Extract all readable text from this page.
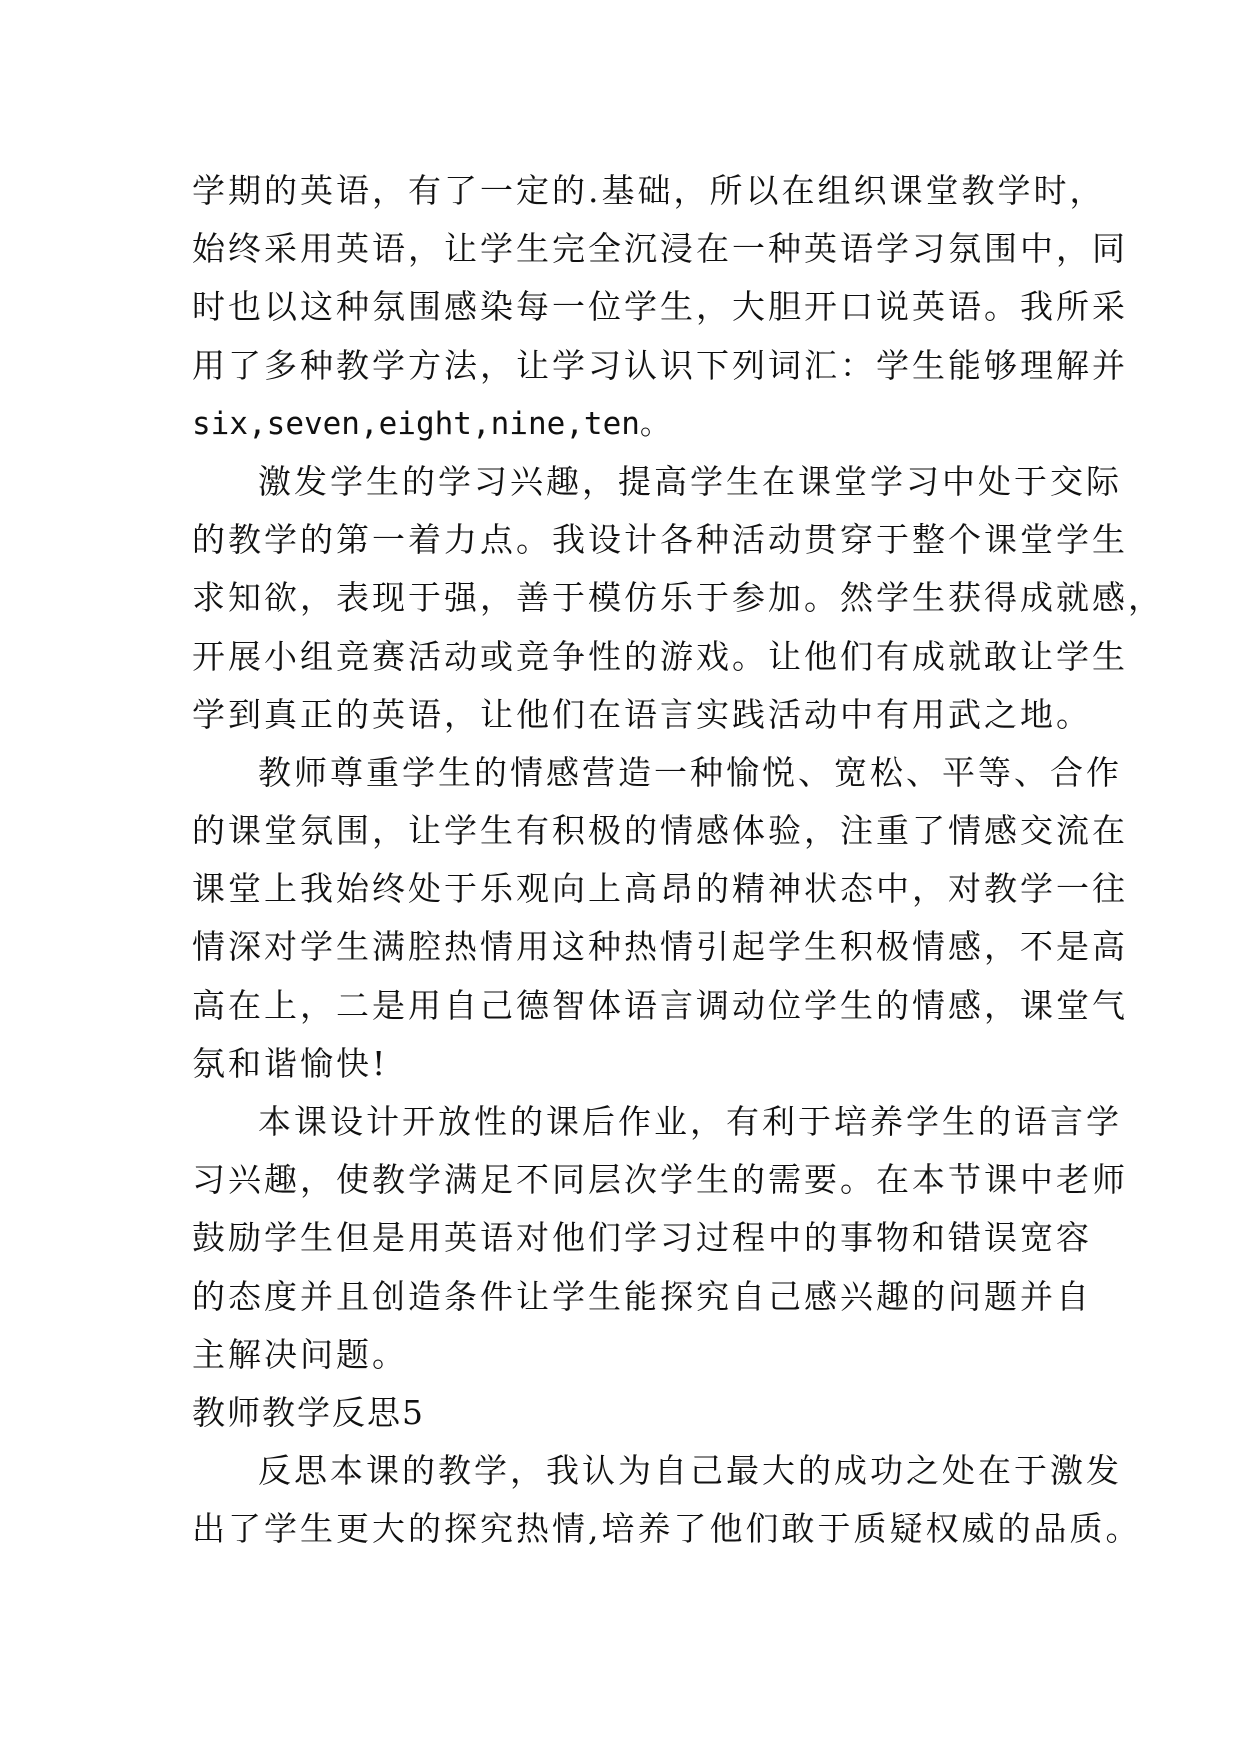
学期的英语，有了一定的.基础，所以在组织课堂教学时，
始终采用英语，让学生完全沉浸在一种英语学习氛围中，同
时也以这种氛围感染每一位学生，大胆开口说英语。我所采
用了多种教学方法，让学习认识下列词汇：学生能够理解并
six,seven,eight,nine,ten。
激发学生的学习兴趣，提高学生在课堂学习中处于交际
的教学的第一着力点。我设计各种活动贯穿于整个课堂学生
求知欲，表现于强，善于模仿乐于参加。然学生获得成就感，
开展小组竞赛活动或竞争性的游戏。让他们有成就敢让学生
学到真正的英语，让他们在语言实践活动中有用武之地。
教师尊重学生的情感营造一种愉悦、宽松、平等、合作
的课堂氛围，让学生有积极的情感体验，注重了情感交流在
课堂上我始终处于乐观向上高昂的精神状态中，对教学一往
情深对学生满腔热情用这种热情引起学生积极情感，不是高
高在上，二是用自己德智体语言调动位学生的情感，课堂气
氛和谐愉快!
本课设计开放性的课后作业，有利于培养学生的语言学
习兴趣，使教学满足不同层次学生的需要。在本节课中老师
鼓励学生但是用英语对他们学习过程中的事物和错误宽容
的态度并且创造条件让学生能探究自己感兴趣的问题并自
主解决问题。
教师教学反思5
反思本课的教学，我认为自己最大的成功之处在于激发
出了学生更大的探究热情,培养了他们敢于质疑权威的品质。
